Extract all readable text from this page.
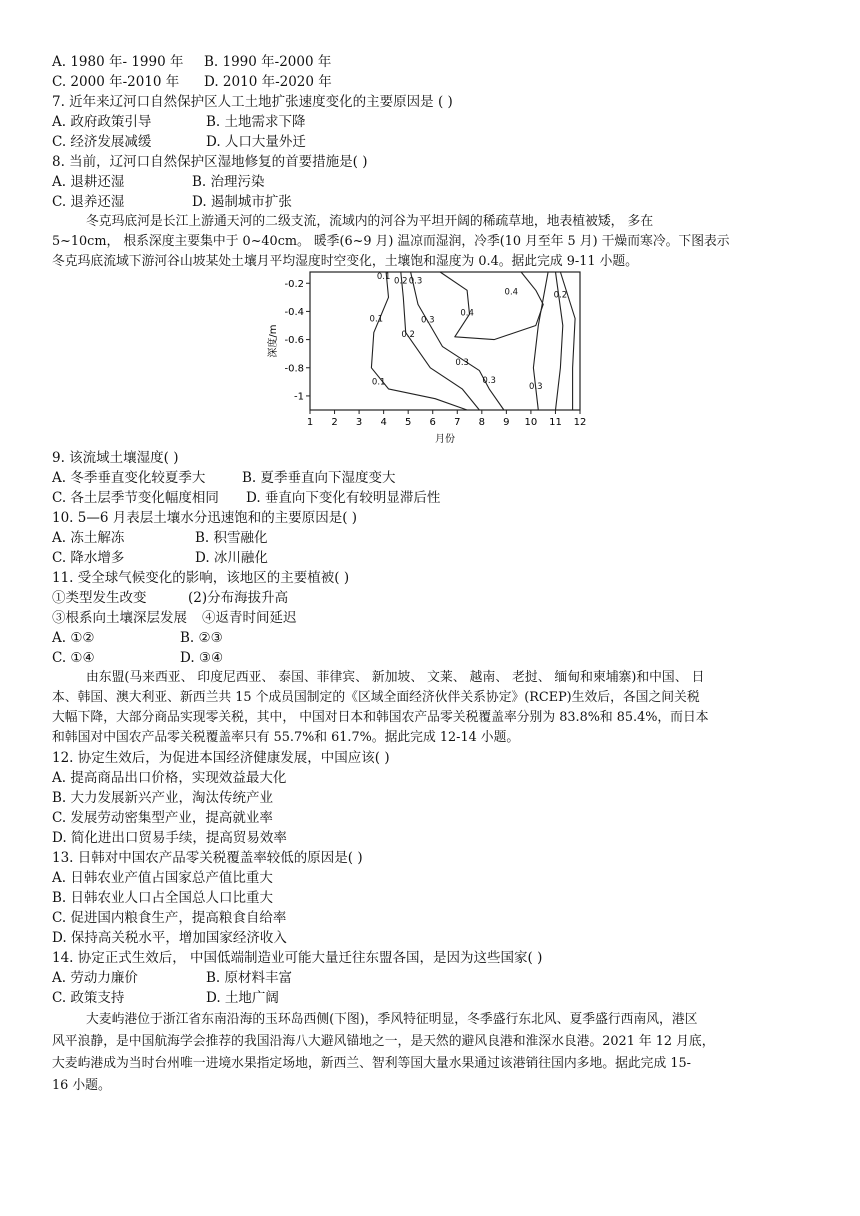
A. 1980 年- 1990 年 B. 1990 年-2000 年
C. 2000 年-2010 年 D. 2010 年-2020 年
7. 近年来辽河口自然保护区人工土地扩张速度变化的主要原因是 ( )
A. 政府政策引导	B. 土地需求下降
C. 经济发展减缓	D. 人口大量外迁
8. 当前，辽河口自然保护区湿地修复的首要措施是( )
A. 退耕还湿	B. 治理污染
C. 退养还湿	D. 遏制城市扩张
冬克玛底河是长江上游通天河的二级支流，流域内的河谷为平坦开阔的稀疏草地，地表植被矮， 多在
5~10cm， 根系深度主要集中于 0~40cm。 暖季(6~9 月) 温凉而湿润，冷季(10 月至年 5 月) 干燥而寒冷。下图表示
冬克玛底流域下游河谷山坡某处土壤月平均湿度时空变化，土壤饱和湿度为 0.4。据此完成 9-11 小题。
0.1
0.1
0.1
0.2
0.2
0.2
0.3
0.3
0.3
0.3
0.3
0.4
0.4
1 2 3 4 5 6 7 8 9 10 11 12
-0.2
-0.4
-0.6
-0.8
-1
月份
深度/m
9. 该流域土壤湿度( )
A. 冬季垂直变化较夏季大	B. 夏季垂直向下湿度变大
C. 各土层季节变化幅度相同 D. 垂直向下变化有较明显滞后性
10. 5—6 月表层土壤水分迅速饱和的主要原因是( )
A. 冻土解冻	B. 积雪融化
C. 降水增多	D. 冰川融化
11. 受全球气候变化的影响，该地区的主要植被( )
①类型发生改变	(2)分布海拔升高
③根系向土壤深层发展 ④返青时间延迟
A. ①②	B. ②③
C. ①④	D. ③④
由东盟(马来西亚、 印度尼西亚、 泰国、菲律宾、 新加坡、 文莱、 越南、 老挝、 缅甸和柬埔寨)和中国、 日
本、韩国、澳大利亚、新西兰共 15 个成员国制定的《区域全面经济伙伴关系协定》(RCEP)生效后，各国之间关税
大幅下降，大部分商品实现零关税，其中， 中国对日本和韩国农产品零关税覆盖率分别为 83.8%和 85.4%，而日本
和韩国对中国农产品零关税覆盖率只有 55.7%和 61.7%。据此完成 12-14 小题。
12. 协定生效后，为促进本国经济健康发展，中国应该( )
A. 提高商品出口价格，实现效益最大化
B. 大力发展新兴产业，淘汰传统产业
C. 发展劳动密集型产业，提高就业率
D. 简化进出口贸易手续，提高贸易效率
13. 日韩对中国农产品零关税覆盖率较低的原因是( )
A. 日韩农业产值占国家总产值比重大
B. 日韩农业人口占全国总人口比重大
C. 促进国内粮食生产，提高粮食自给率
D. 保持高关税水平，增加国家经济收入
14. 协定正式生效后， 中国低端制造业可能大量迁往东盟各国，是因为这些国家( )
A. 劳动力廉价	B. 原材料丰富
C. 政策支持	D. 土地广阔
大麦屿港位于浙江省东南沿海的玉环岛西侧(下图)，季风特征明显，冬季盛行东北风、夏季盛行西南风，港区
风平浪静，是中国航海学会推荐的我国沿海八大避风锚地之一，是天然的避风良港和淮深水良港。2021 年 12 月底，
大麦屿港成为当时台州唯一进境水果指定场地，新西兰、智利等国大量水果通过该港销往国内多地。据此完成 15-
16 小题。
